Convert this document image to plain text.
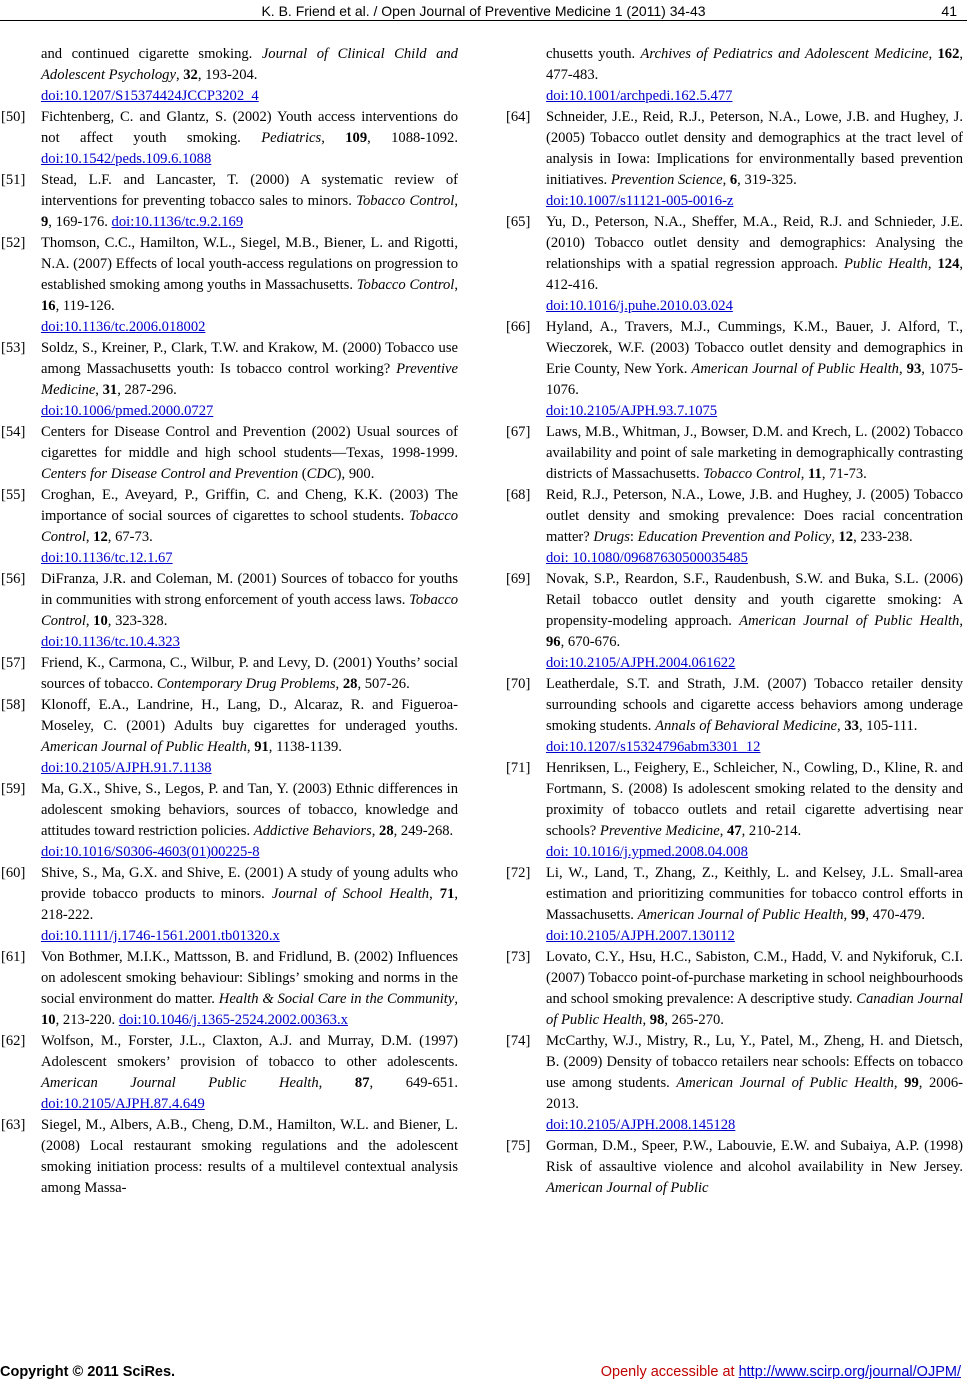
K. B. Friend et al. / Open Journal of Preventive Medicine 1 (2011) 34-43	41
and continued cigarette smoking. Journal of Clinical Child and Adolescent Psychology, 32, 193-204.
doi:10.1207/S15374424JCCP3202_4
[50] Fichtenberg, C. and Glantz, S. (2002) Youth access interventions do not affect youth smoking. Pediatrics, 109, 1088-1092. doi:10.1542/peds.109.6.1088
[51] Stead, L.F. and Lancaster, T. (2000) A systematic review of interventions for preventing tobacco sales to minors. Tobacco Control, 9, 169-176. doi:10.1136/tc.9.2.169
[52] Thomson, C.C., Hamilton, W.L., Siegel, M.B., Biener, L. and Rigotti, N.A. (2007) Effects of local youth-access regulations on progression to established smoking among youths in Massachusetts. Tobacco Control, 16, 119-126.
doi:10.1136/tc.2006.018002
[53] Soldz, S., Kreiner, P., Clark, T.W. and Krakow, M. (2000) Tobacco use among Massachusetts youth: Is tobacco control working? Preventive Medicine, 31, 287-296.
doi:10.1006/pmed.2000.0727
[54] Centers for Disease Control and Prevention (2002) Usual sources of cigarettes for middle and high school students—Texas, 1998-1999. Centers for Disease Control and Prevention (CDC), 900.
[55] Croghan, E., Aveyard, P., Griffin, C. and Cheng, K.K. (2003) The importance of social sources of cigarettes to school students. Tobacco Control, 12, 67-73.
doi:10.1136/tc.12.1.67
[56] DiFranza, J.R. and Coleman, M. (2001) Sources of tobacco for youths in communities with strong enforcement of youth access laws. Tobacco Control, 10, 323-328.
doi:10.1136/tc.10.4.323
[57] Friend, K., Carmona, C., Wilbur, P. and Levy, D. (2001) Youths’ social sources of tobacco. Contemporary Drug Problems, 28, 507-26.
[58] Klonoff, E.A., Landrine, H., Lang, D., Alcaraz, R. and Figueroa-Moseley, C. (2001) Adults buy cigarettes for underaged youths. American Journal of Public Health, 91, 1138-1139.
doi:10.2105/AJPH.91.7.1138
[59] Ma, G.X., Shive, S., Legos, P. and Tan, Y. (2003) Ethnic differences in adolescent smoking behaviors, sources of tobacco, knowledge and attitudes toward restriction policies. Addictive Behaviors, 28, 249-268.
doi:10.1016/S0306-4603(01)00225-8
[60] Shive, S., Ma, G.X. and Shive, E. (2001) A study of young adults who provide tobacco products to minors. Journal of School Health, 71, 218-222.
doi:10.1111/j.1746-1561.2001.tb01320.x
[61] Von Bothmer, M.I.K., Mattsson, B. and Fridlund, B. (2002) Influences on adolescent smoking behaviour: Siblings’ smoking and norms in the social environment do matter. Health & Social Care in the Community, 10, 213-220. doi:10.1046/j.1365-2524.2002.00363.x
[62] Wolfson, M., Forster, J.L., Claxton, A.J. and Murray, D.M. (1997) Adolescent smokers’ provision of tobacco to other adolescents. American Journal Public Health, 87, 649-651. doi:10.2105/AJPH.87.4.649
[63] Siegel, M., Albers, A.B., Cheng, D.M., Hamilton, W.L. and Biener, L. (2008) Local restaurant smoking regulations and the adolescent smoking initiation process: results of a multilevel contextual analysis among Massa-
chusetts youth. Archives of Pediatrics and Adolescent Medicine, 162, 477-483.
doi:10.1001/archpedi.162.5.477
[64] Schneider, J.E., Reid, R.J., Peterson, N.A., Lowe, J.B. and Hughey, J. (2005) Tobacco outlet density and demographics at the tract level of analysis in Iowa: Implications for environmentally based prevention initiatives. Prevention Science, 6, 319-325.
doi:10.1007/s11121-005-0016-z
[65] Yu, D., Peterson, N.A., Sheffer, M.A., Reid, R.J. and Schnieder, J.E. (2010) Tobacco outlet density and demographics: Analysing the relationships with a spatial regression approach. Public Health, 124, 412-416.
doi:10.1016/j.puhe.2010.03.024
[66] Hyland, A., Travers, M.J., Cummings, K.M., Bauer, J. Alford, T., Wieczorek, W.F. (2003) Tobacco outlet density and demographics in Erie County, New York. American Journal of Public Health, 93, 1075-1076.
doi:10.2105/AJPH.93.7.1075
[67] Laws, M.B., Whitman, J., Bowser, D.M. and Krech, L. (2002) Tobacco availability and point of sale marketing in demographically contrasting districts of Massachusetts. Tobacco Control, 11, 71-73.
[68] Reid, R.J., Peterson, N.A., Lowe, J.B. and Hughey, J. (2005) Tobacco outlet density and smoking prevalence: Does racial concentration matter? Drugs: Education Prevention and Policy, 12, 233-238.
doi: 10.1080/09687630500035485
[69] Novak, S.P., Reardon, S.F., Raudenbush, S.W. and Buka, S.L. (2006) Retail tobacco outlet density and youth cigarette smoking: A propensity-modeling approach. American Journal of Public Health, 96, 670-676.
doi:10.2105/AJPH.2004.061622
[70] Leatherdale, S.T. and Strath, J.M. (2007) Tobacco retailer density surrounding schools and cigarette access behaviors among underage smoking students. Annals of Behavioral Medicine, 33, 105-111.
doi:10.1207/s15324796abm3301_12
[71] Henriksen, L., Feighery, E., Schleicher, N., Cowling, D., Kline, R. and Fortmann, S. (2008) Is adolescent smoking related to the density and proximity of tobacco outlets and retail cigarette advertising near schools? Preventive Medicine, 47, 210-214.
doi: 10.1016/j.ypmed.2008.04.008
[72] Li, W., Land, T., Zhang, Z., Keithly, L. and Kelsey, J.L. Small-area estimation and prioritizing communities for tobacco control efforts in Massachusetts. American Journal of Public Health, 99, 470-479.
doi:10.2105/AJPH.2007.130112
[73] Lovato, C.Y., Hsu, H.C., Sabiston, C.M., Hadd, V. and Nykiforuk, C.I. (2007) Tobacco point-of-purchase marketing in school neighbourhoods and school smoking prevalence: A descriptive study. Canadian Journal of Public Health, 98, 265-270.
[74] McCarthy, W.J., Mistry, R., Lu, Y., Patel, M., Zheng, H. and Dietsch, B. (2009) Density of tobacco retailers near schools: Effects on tobacco use among students. American Journal of Public Health, 99, 2006-2013.
doi:10.2105/AJPH.2008.145128
[75] Gorman, D.M., Speer, P.W., Labouvie, E.W. and Subaiya, A.P. (1998) Risk of assaultive violence and alcohol availability in New Jersey. American Journal of Public
Copyright © 2011 SciRes.	Openly accessible at http://www.scirp.org/journal/OJPM/
